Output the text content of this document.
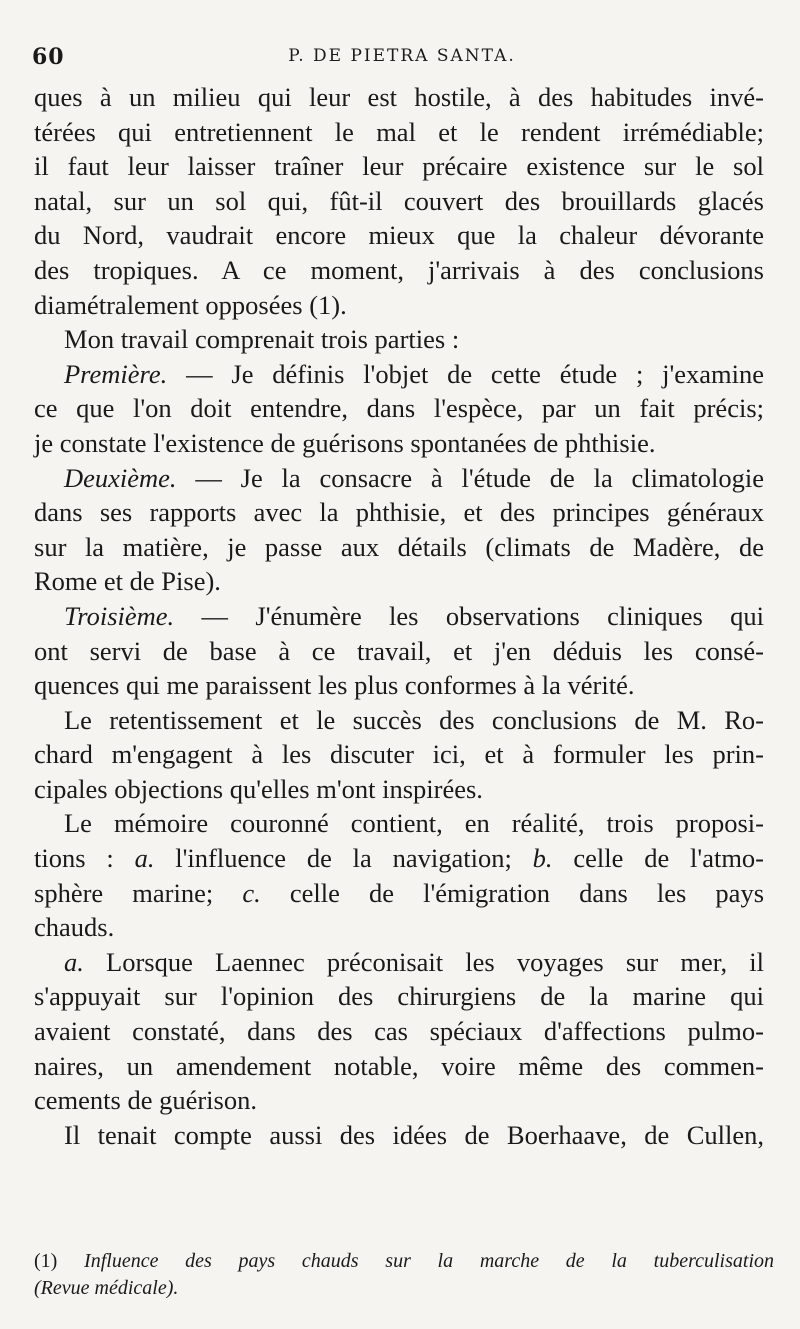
60	P. DE PIETRA SANTA.
ques à un milieu qui leur est hostile, à des habitudes invé-
térées qui entretiennent le mal et le rendent irrémédiable;
il faut leur laisser traîner leur précaire existence sur le sol
natal, sur un sol qui, fût-il couvert des brouillards glacés
du Nord, vaudrait encore mieux que la chaleur dévorante
des tropiques. A ce moment, j'arrivais à des conclusions
diamétralement opposées (1).
Mon travail comprenait trois parties :
Première. — Je définis l'objet de cette étude ; j'examine
ce que l'on doit entendre, dans l'espèce, par un fait précis;
je constate l'existence de guérisons spontanées de phthisie.
Deuxième. — Je la consacre à l'étude de la climatologie
dans ses rapports avec la phthisie, et des principes généraux
sur la matière, je passe aux détails (climats de Madère, de
Rome et de Pise).
Troisième. — J'énumère les observations cliniques qui
ont servi de base à ce travail, et j'en déduis les consé-
quences qui me paraissent les plus conformes à la vérité.
Le retentissement et le succès des conclusions de M. Ro-
chard m'engagent à les discuter ici, et à formuler les prin-
cipales objections qu'elles m'ont inspirées.
Le mémoire couronné contient, en réalité, trois proposi-
tions : a. l'influence de la navigation; b. celle de l'atmo-
sphère marine; c. celle de l'émigration dans les pays
chauds.
a. Lorsque Laennec préconisait les voyages sur mer, il
s'appuyait sur l'opinion des chirurgiens de la marine qui
avaient constaté, dans des cas spéciaux d'affections pulmo-
naires, un amendement notable, voire même des commen-
cements de guérison.
Il tenait compte aussi des idées de Boerhaave, de Cullen,
(1) Influence des pays chauds sur la marche de la tuberculisation
(Revue médicale).
